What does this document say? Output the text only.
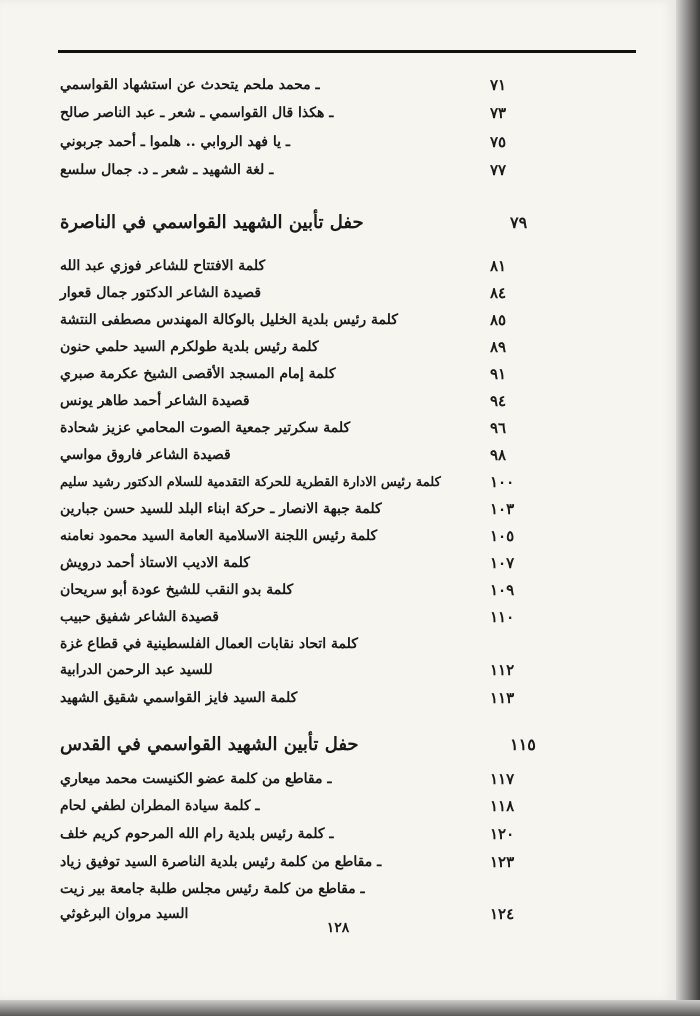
ـ محمد ملحم يتحدث عن استشهاد القواسمي	٧١
ـ هكذا قال القواسمي ـ شعر ـ عبد الناصر صالح	٧٣
ـ يا فهد الروابي .. هلموا ـ أحمد جربوني	٧٥
ـ لغة الشهيد ـ شعر ـ د. جمال سلسع	٧٧
حفل تأبين الشهيد القواسمي في الناصرة	٧٩
كلمة الافتتاح للشاعر فوزي عبد الله	٨١
قصيدة الشاعر الدكتور جمال قعوار	٨٤
كلمة رئيس بلدية الخليل بالوكالة المهندس مصطفى النتشة	٨٥
كلمة رئيس بلدية طولكرم السيد حلمي حنون	٨٩
كلمة إمام المسجد الأقصى الشيخ عكرمة صبري	٩١
قصيدة الشاعر أحمد طاهر يونس	٩٤
كلمة سكرتير جمعية الصوت المحامي عزيز شحادة	٩٦
قصيدة الشاعر فاروق مواسي	٩٨
كلمة رئيس الادارة القطرية للحركة التقدمية للسلام الدكتور رشيد سليم	١٠٠
كلمة جبهة الانصار ـ حركة ابناء البلد للسيد حسن جبارين	١٠٣
كلمة رئيس اللجنة الاسلامية العامة السيد محمود نعامنه	١٠٥
كلمة الاديب الاستاذ أحمد درويش	١٠٧
كلمة بدو النقب للشيخ عودة أبو سريحان	١٠٩
قصيدة الشاعر شفيق حبيب	١١٠
كلمة اتحاد نقابات العمال الفلسطينية في قطاع غزة
للسيد عبد الرحمن الدرابية	١١٢
كلمة السيد فايز القواسمي شقيق الشهيد	١١٣
حفل تأبين الشهيد القواسمي في القدس	١١٥
ـ مقاطع من كلمة عضو الكنيست محمد ميعاري	١١٧
ـ كلمة سيادة المطران لطفي لحام	١١٨
ـ كلمة رئيس بلدية رام الله المرحوم كريم خلف	١٢٠
ـ مقاطع من كلمة رئيس بلدية الناصرة السيد توفيق زياد	١٢٣
ـ مقاطع من كلمة رئيس مجلس طلبة جامعة بير زيت
السيد مروان البرغوثي	١٢٤
١٢٨
